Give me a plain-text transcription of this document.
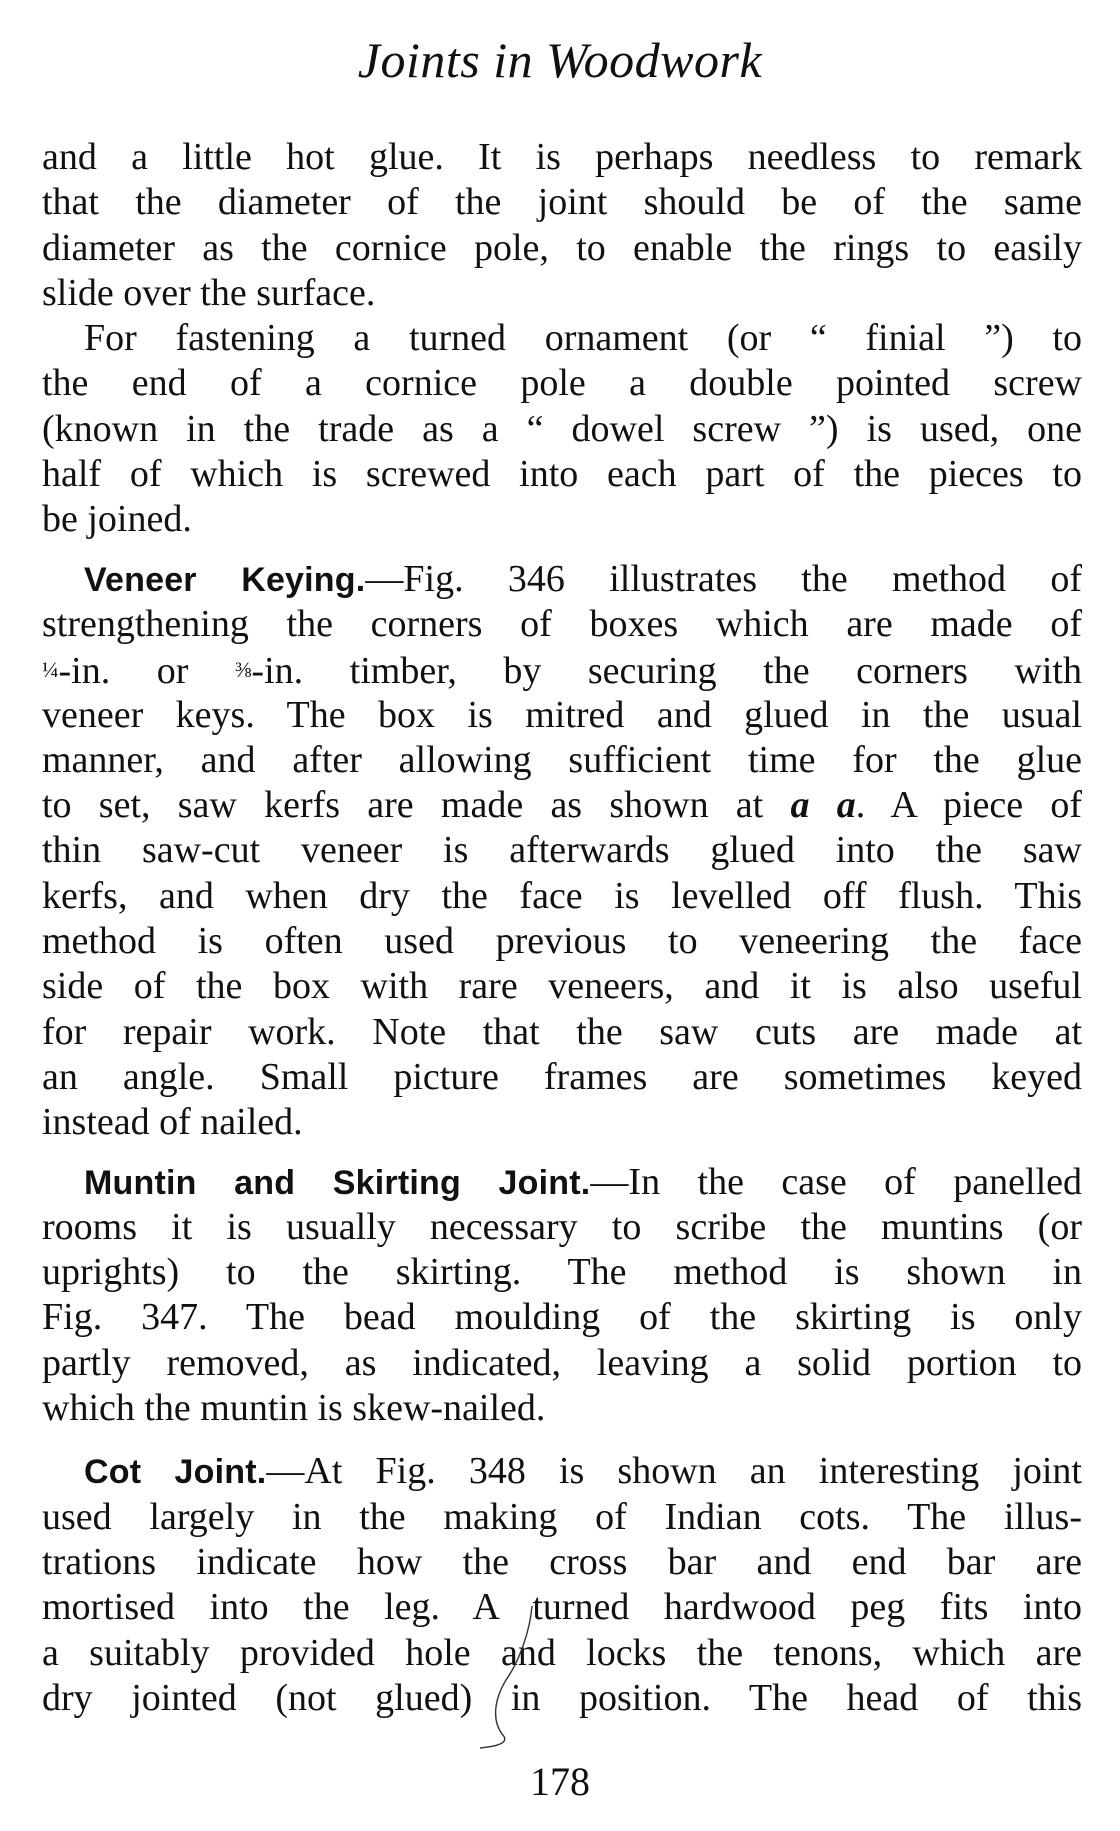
Joints in Woodwork
and a little hot glue. It is perhaps needless to remark
that the diameter of the joint should be of the same
diameter as the cornice pole, to enable the rings to easily
slide over the surface.
For fastening a turned ornament (or “ finial ”) to
the end of a cornice pole a double pointed screw
(known in the trade as a “ dowel screw ”) is used, one
half of which is screwed into each part of the pieces to
be joined.
Veneer Keying.—Fig. 346 illustrates the method of
strengthening the corners of boxes which are made of
¼-in. or ⅜-in. timber, by securing the corners with
veneer keys. The box is mitred and glued in the usual
manner, and after allowing sufficient time for the glue
to set, saw kerfs are made as shown at a a. A piece of
thin saw-cut veneer is afterwards glued into the saw
kerfs, and when dry the face is levelled off flush. This
method is often used previous to veneering the face
side of the box with rare veneers, and it is also useful
for repair work. Note that the saw cuts are made at
an angle. Small picture frames are sometimes keyed
instead of nailed.
Muntin and Skirting Joint.—In the case of panelled
rooms it is usually necessary to scribe the muntins (or
uprights) to the skirting. The method is shown in
Fig. 347. The bead moulding of the skirting is only
partly removed, as indicated, leaving a solid portion to
which the muntin is skew-nailed.
Cot Joint.—At Fig. 348 is shown an interesting joint
used largely in the making of Indian cots. The illus-
trations indicate how the cross bar and end bar are
mortised into the leg. A turned hardwood peg fits into
a suitably provided hole and locks the tenons, which are
dry jointed (not glued) in position. The head of this
178
